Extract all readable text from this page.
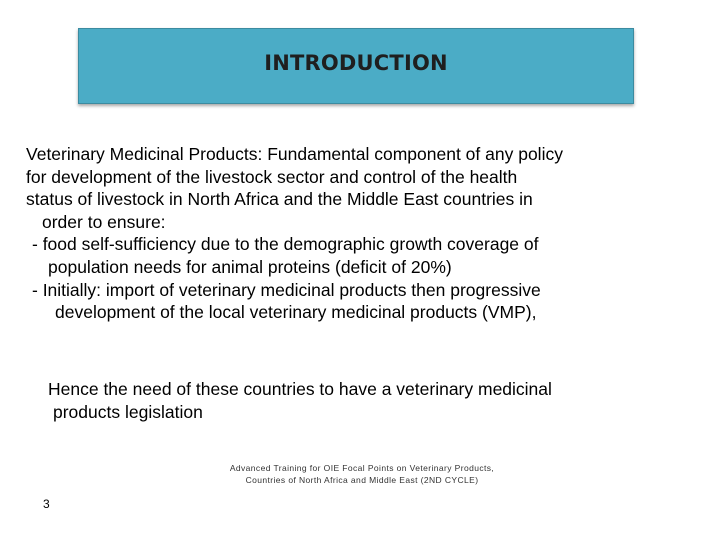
INTRODUCTION
Veterinary Medicinal Products: Fundamental component of any policy
for development of the livestock sector and control of the health
status of livestock in North Africa and the Middle East countries in
order to ensure:
- food self-sufficiency due to the demographic growth coverage of
population needs for animal proteins (deficit of 20%)
- Initially: import of veterinary medicinal products then progressive
development of the local veterinary medicinal products (VMP),
Hence the need of these countries to have a veterinary medicinal
products legislation
Advanced Training for OIE Focal Points on Veterinary Products,
Countries of North Africa and Middle East (2ND CYCLE)
3
